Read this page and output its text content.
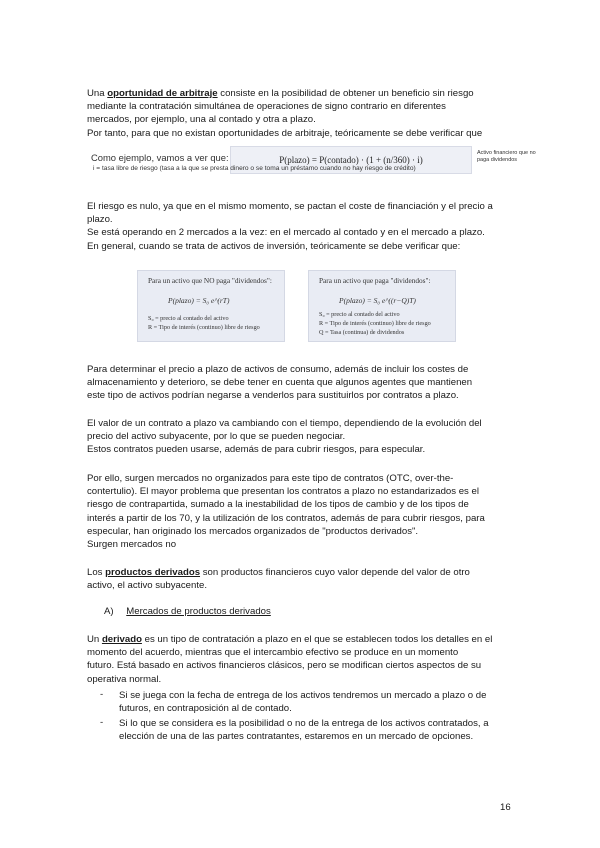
Una oportunidad de arbitraje consiste en la posibilidad de obtener un beneficio sin riesgo
mediante la contratación simultánea de operaciones de signo contrario en diferentes
mercados, por ejemplo, una al contado y otra a plazo.
Por tanto, para que no existan oportunidades de arbitraje, teóricamente se debe verificar que
Como ejemplo, vamos a ver que:	P(plazo) = P(contado) · (1 + (n/360) · i)
Activo financiero que no paga dividendos
i = tasa libre de riesgo (tasa a la que se presta dinero o se toma un préstamo cuando no hay riesgo de crédito)
El riesgo es nulo, ya que en el mismo momento, se pactan el coste de financiación y el precio a
plazo.
Se está operando en 2 mercados a la vez: en el mercado al contado y en el mercado a plazo.
En general, cuando se trata de activos de inversión, teóricamente se debe verificar que:
Para un activo que NO paga "dividendos":
P(plazo) = S₀ e^(rT)
S₀ = precio al contado del activo
R = Tipo de interés (continuo) libre de riesgo
Para un activo que paga "dividendos":
P(plazo) = S₀ e^((r−Q)T)
S₀ = precio al contado del activo
R = Tipo de interés (continuo) libre de riesgo
Q = Tasa (continua) de dividendos
Para determinar el precio a plazo de activos de consumo, además de incluir los costes de
almacenamiento y deterioro, se debe tener en cuenta que algunos agentes que mantienen
este tipo de activos podrían negarse a venderlos para sustituirlos por contratos a plazo.
El valor de un contrato a plazo va cambiando con el tiempo, dependiendo de la evolución del
precio del activo subyacente, por lo que se pueden negociar.
Estos contratos pueden usarse, además de para cubrir riesgos, para especular.
Por ello, surgen mercados no organizados para este tipo de contratos (OTC, over-the-
contertulio). El mayor problema que presentan los contratos a plazo no estandarizados es el
riesgo de contrapartida, sumado a la inestabilidad de los tipos de cambio y de los tipos de
interés a partir de los 70, y la utilización de los contratos, además de para cubrir riesgos, para
especular, han originado los mercados organizados de "productos derivados".
Surgen mercados no
Los productos derivados son productos financieros cuyo valor depende del valor de otro
activo, el activo subyacente.
A) Mercados de productos derivados
Un derivado es un tipo de contratación a plazo en el que se establecen todos los detalles en el
momento del acuerdo, mientras que el intercambio efectivo se produce en un momento
futuro. Está basado en activos financieros clásicos, pero se modifican ciertos aspectos de su
operativa normal.
- Si se juega con la fecha de entrega de los activos tendremos un mercado a plazo o de
futuros, en contraposición al de contado.
- Si lo que se considera es la posibilidad o no de la entrega de los activos contratados, a
elección de una de las partes contratantes, estaremos en un mercado de opciones.
16
